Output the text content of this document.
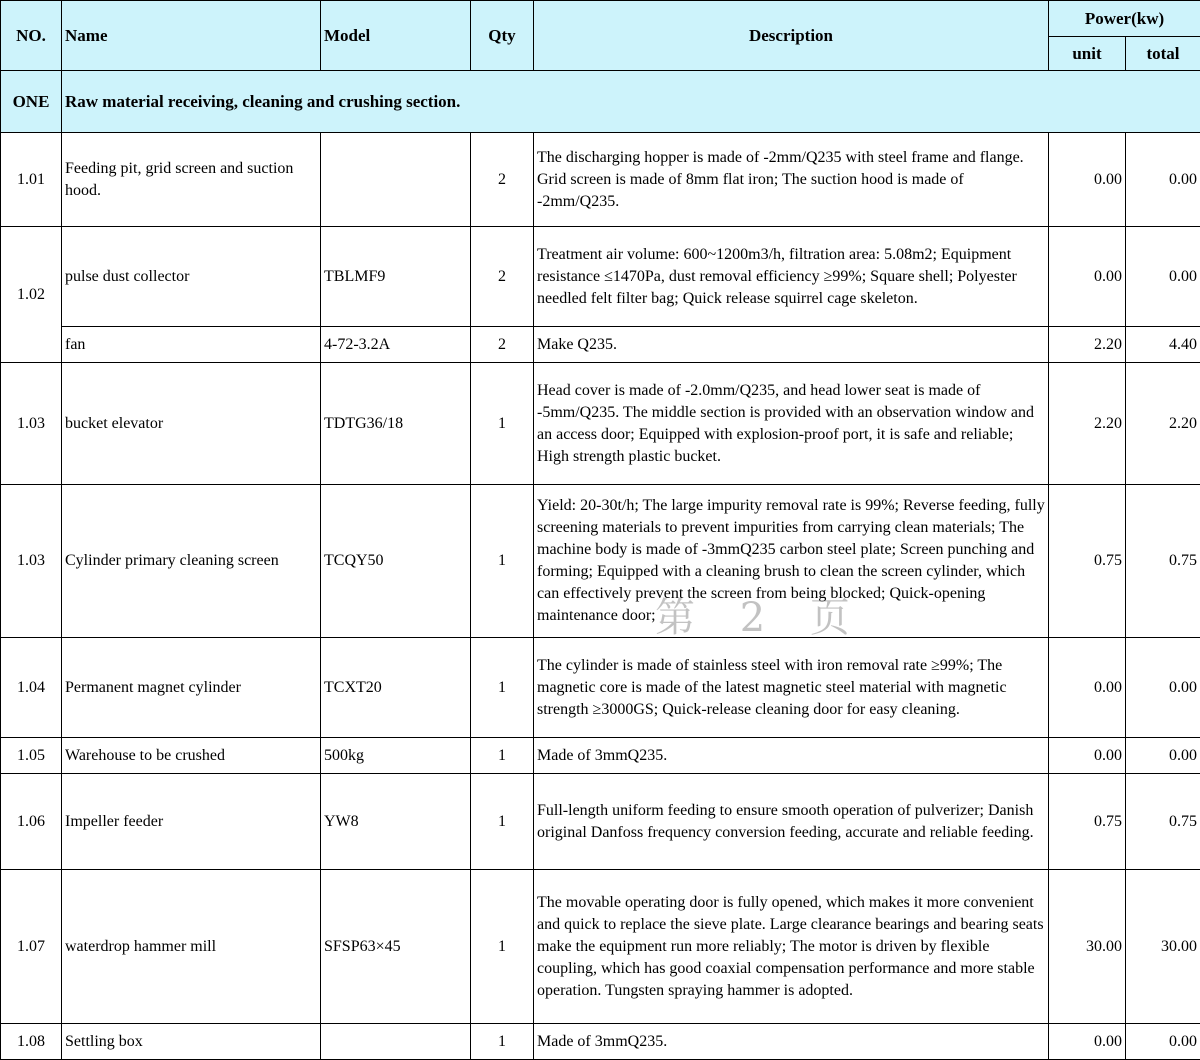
NO.	Name	Model	Qty	Description	Power(kw)	
					unit	total
ONE	Raw material receiving, cleaning and crushing section.					
1.01	Feeding pit, grid screen and suction hood.		2	The discharging hopper is made of -2mm/Q235 with steel frame and flange. Grid screen is made of 8mm flat iron; The suction hood is made of -2mm/Q235.	0.00	0.00
1.02	pulse dust collector	TBLMF9	2	Treatment air volume: 600~1200m3/h, filtration area: 5.08m2; Equipment resistance ≤1470Pa, dust removal efficiency ≥99%; Square shell; Polyester needled felt filter bag; Quick release squirrel cage skeleton.	0.00	0.00
	fan	4-72-3.2A	2	Make Q235.	2.20	4.40
1.03	bucket elevator	TDTG36/18	1	Head cover is made of -2.0mm/Q235, and head lower seat is made of -5mm/Q235. The middle section is provided with an observation window and an access door; Equipped with explosion-proof port, it is safe and reliable; High strength plastic bucket.	2.20	2.20
1.03	Cylinder primary cleaning screen	TCQY50	1	Yield: 20-30t/h; The large impurity removal rate is 99%; Reverse feeding, fully screening materials to prevent impurities from carrying clean materials; The machine body is made of -3mmQ235 carbon steel plate; Screen punching and forming; Equipped with a cleaning brush to clean the screen cylinder, which can effectively prevent the screen from being blocked; Quick-opening maintenance door;	0.75	0.75
1.04	Permanent magnet cylinder	TCXT20	1	The cylinder is made of stainless steel with iron removal rate ≥99%; The magnetic core is made of the latest magnetic steel material with magnetic strength ≥3000GS; Quick-release cleaning door for easy cleaning.	0.00	0.00
1.05	Warehouse to be crushed	500kg	1	Made of 3mmQ235.	0.00	0.00
1.06	Impeller feeder	YW8	1	Full-length uniform feeding to ensure smooth operation of pulverizer; Danish original Danfoss frequency conversion feeding, accurate and reliable feeding.	0.75	0.75
1.07	waterdrop hammer mill	SFSP63×45	1	The movable operating door is fully opened, which makes it more convenient and quick to replace the sieve plate. Large clearance bearings and bearing seats make the equipment run more reliably; The motor is driven by flexible coupling, which has good coaxial compensation performance and more stable operation. Tungsten spraying hammer is adopted.	30.00	30.00
1.08	Settling box		1	Made of 3mmQ235.	0.00	0.00
第 2 页
